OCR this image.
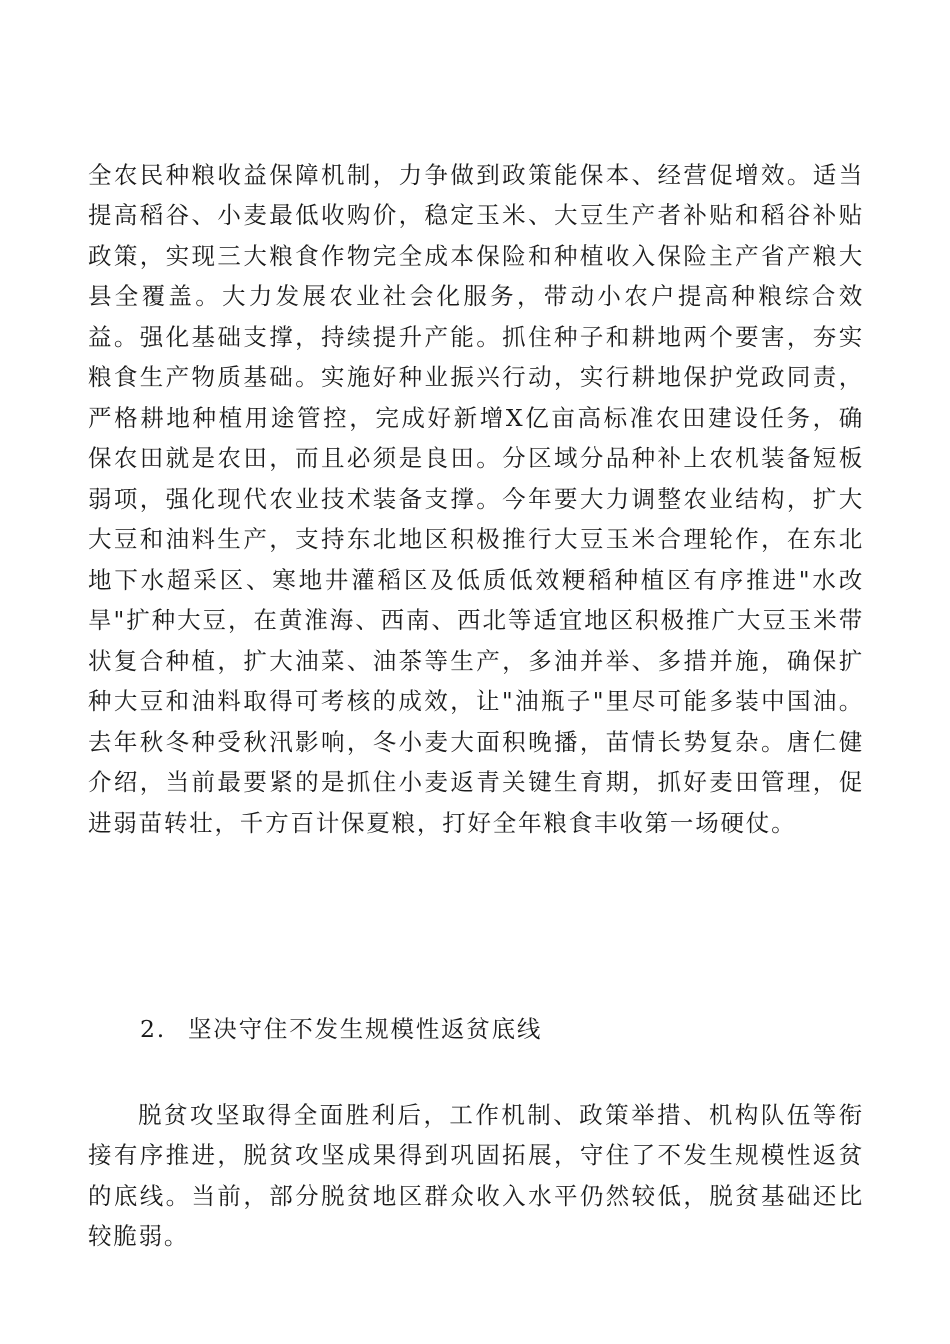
全农民种粮收益保障机制，力争做到政策能保本、经营促增效。适当提高稻谷、小麦最低收购价，稳定玉米、大豆生产者补贴和稻谷补贴政策，实现三大粮食作物完全成本保险和种植收入保险主产省产粮大县全覆盖。大力发展农业社会化服务，带动小农户提高种粮综合效益。强化基础支撑，持续提升产能。抓住种子和耕地两个要害，夯实粮食生产物质基础。实施好种业振兴行动，实行耕地保护党政同责，严格耕地种植用途管控，完成好新增X亿亩高标准农田建设任务，确保农田就是农田，而且必须是良田。分区域分品种补上农机装备短板弱项，强化现代农业技术装备支撑。今年要大力调整农业结构，扩大大豆和油料生产，支持东北地区积极推行大豆玉米合理轮作，在东北地下水超采区、寒地井灌稻区及低质低效粳稻种植区有序推进"水改旱"扩种大豆，在黄淮海、西南、西北等适宜地区积极推广大豆玉米带状复合种植，扩大油菜、油茶等生产，多油并举、多措并施，确保扩种大豆和油料取得可考核的成效，让"油瓶子"里尽可能多装中国油。去年秋冬种受秋汛影响，冬小麦大面积晚播，苗情长势复杂。唐仁健介绍，当前最要紧的是抓住小麦返青关键生育期，抓好麦田管理，促进弱苗转壮，千方百计保夏粮，打好全年粮食丰收第一场硬仗。

2. 坚决守住不发生规模性返贫底线

脱贫攻坚取得全面胜利后，工作机制、政策举措、机构队伍等衔接有序推进，脱贫攻坚成果得到巩固拓展，守住了不发生规模性返贫的底线。当前，部分脱贫地区群众收入水平仍然较低，脱贫基础还比较脆弱。
